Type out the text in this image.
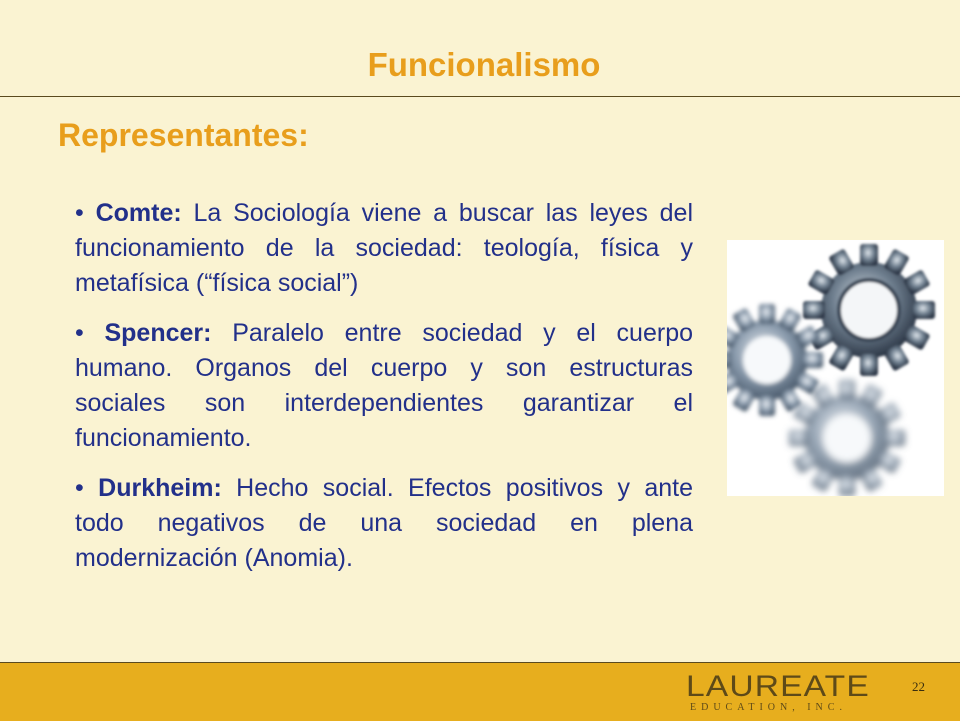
Funcionalismo
Representantes:

• Comte: La Sociología viene a buscar las leyes del funcionamiento de la sociedad: teología, física y metafísica (“física social”)

• Spencer: Paralelo entre sociedad y el cuerpo humano. Organos del cuerpo y son estructuras sociales son interdependientes garantizar el funcionamiento.

• Durkheim: Hecho social. Efectos positivos y ante todo negativos de una sociedad en plena modernización (Anomia).

LAUREATE
EDUCATION, INC.
22
